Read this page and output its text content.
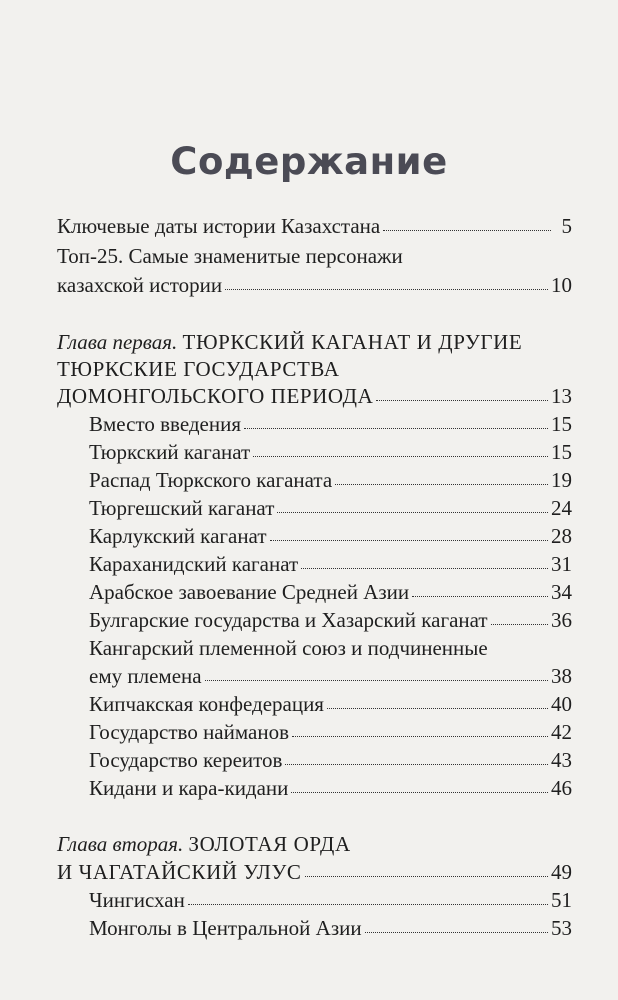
Содержание
Ключевые даты истории Казахстана	5
Топ-25. Самые знаменитые персонажи
казахской истории	10
Глава первая. ТЮРКСКИЙ КАГАНАТ И ДРУГИЕ
ТЮРКСКИЕ ГОСУДАРСТВА
ДОМОНГОЛЬСКОГО ПЕРИОДА	13
Вместо введения	15
Тюркский каганат	15
Распад Тюркского каганата	19
Тюргешский каганат	24
Карлукский каганат	28
Караханидский каганат	31
Арабское завоевание Средней Азии	34
Булгарские государства и Хазарский каганат	36
Кангарский племенной союз и подчиненные
ему племена	38
Кипчакская конфедерация	40
Государство найманов	42
Государство кереитов	43
Кидани и кара-кидани	46
Глава вторая. ЗОЛОТАЯ ОРДА
И ЧАГАТАЙСКИЙ УЛУС	49
Чингисхан	51
Монголы в Центральной Азии	53
